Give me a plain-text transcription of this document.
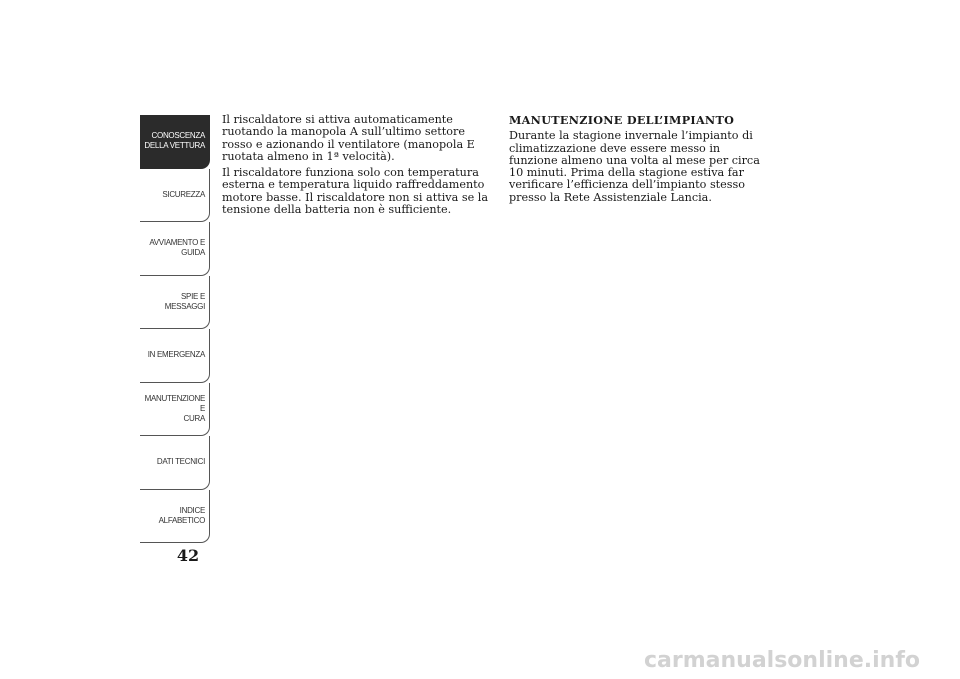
CONOSCENZA
DELLA VETTURA
SICUREZZA
AVVIAMENTO E
GUIDA
SPIE E MESSAGGI
IN EMERGENZA
MANUTENZIONE E
CURA
DATI TECNICI
INDICE
ALFABETICO
42

Il riscaldatore si attiva automaticamente ruotando la manopola A sull’ultimo settore rosso e azionando il ventilatore (manopola E ruotata almeno in 1ª velocità).

Il riscaldatore funziona solo con temperatura esterna e temperatura liquido raffreddamento motore basse. Il riscaldatore non si attiva se la tensione della batteria non è sufficiente.

MANUTENZIONE DELL’IMPIANTO

Durante la stagione invernale l’impianto di climatizzazione deve essere messo in funzione almeno una volta al mese per circa 10 minuti. Prima della stagione estiva far verificare l’efficienza dell’impianto stesso presso la Rete Assistenziale Lancia.

carmanualsonline.info
